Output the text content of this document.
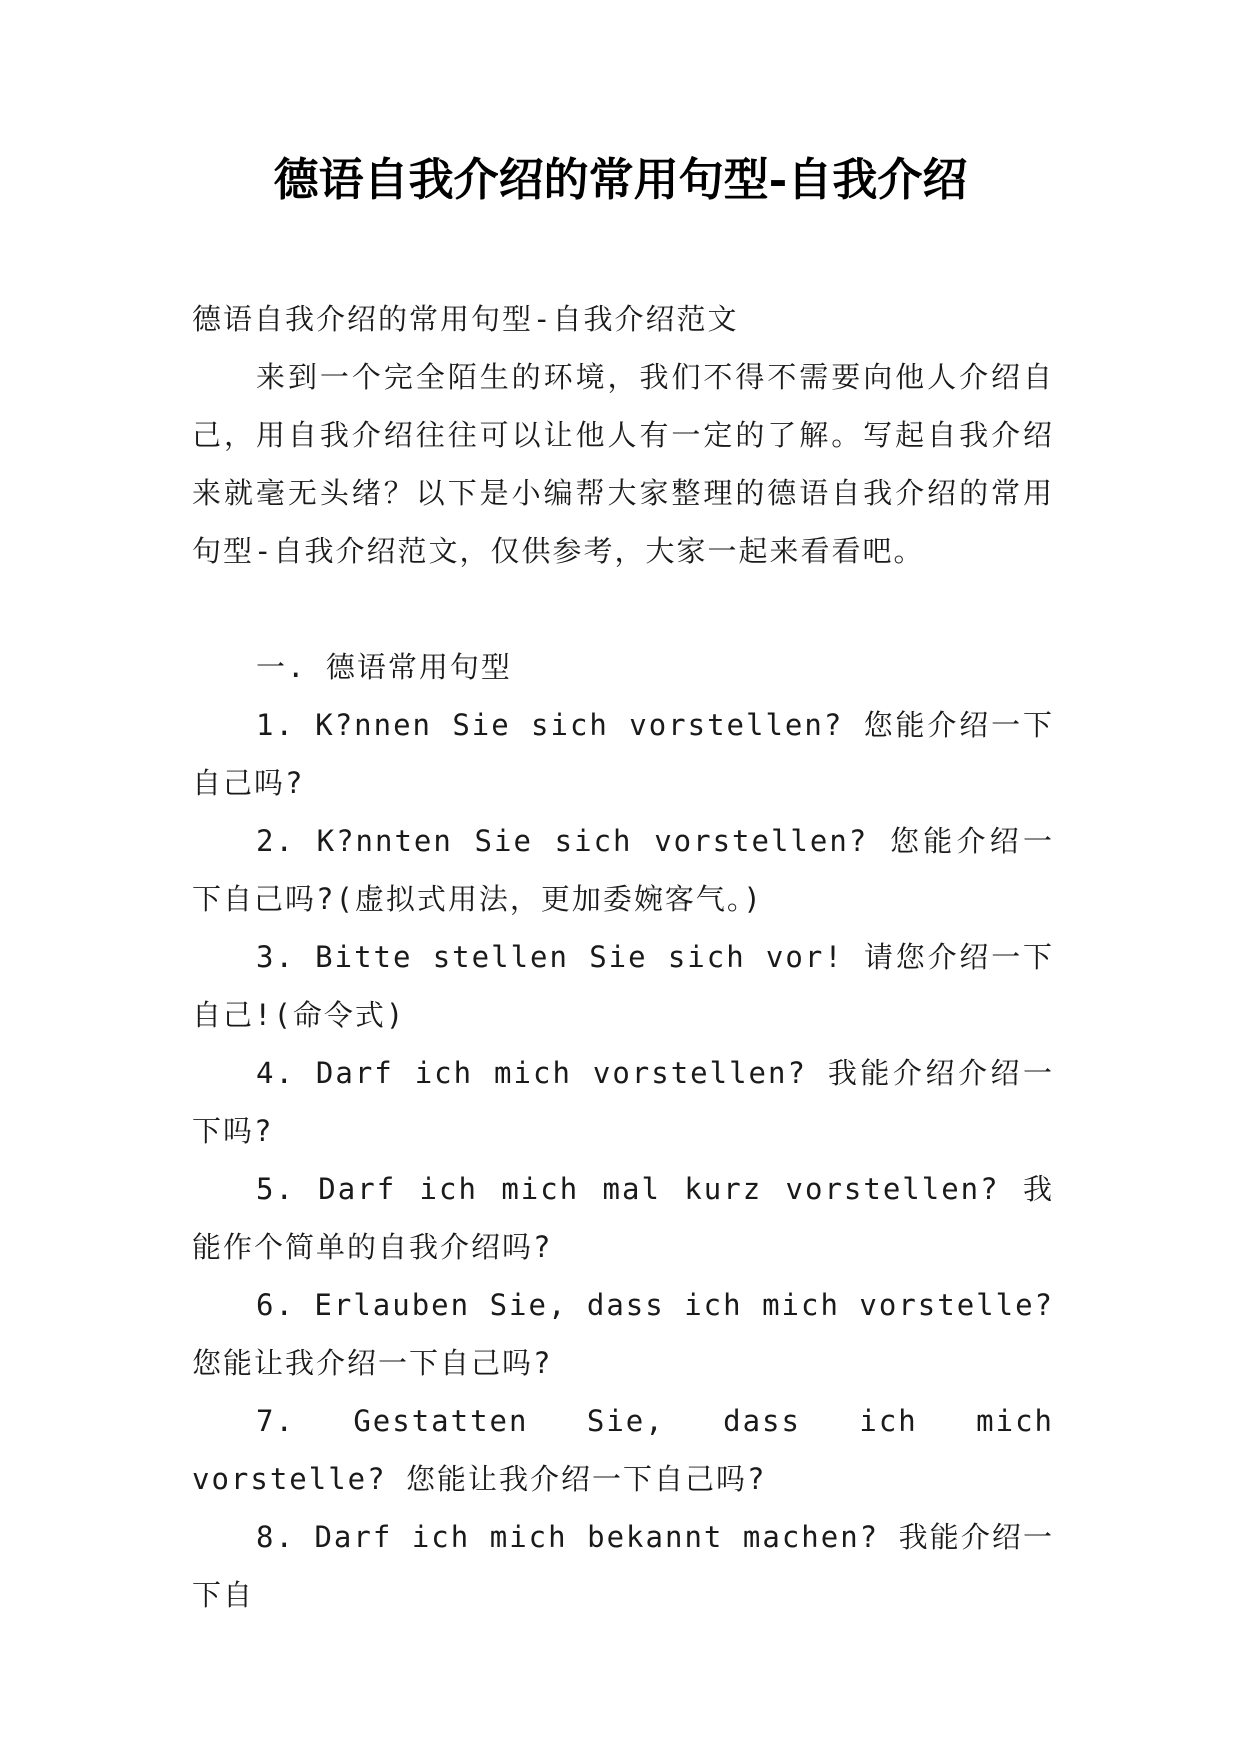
德语自我介绍的常用句型-自我介绍

德语自我介绍的常用句型-自我介绍范文

来到一个完全陌生的环境，我们不得不需要向他人介绍自己，用自我介绍往往可以让他人有一定的了解。写起自我介绍来就毫无头绪？以下是小编帮大家整理的德语自我介绍的常用句型-自我介绍范文，仅供参考，大家一起来看看吧。

一. 德语常用句型

1. K?nnen Sie sich vorstellen? 您能介绍一下自己吗?

2. K?nnten Sie sich vorstellen? 您能介绍一下自己吗?(虚拟式用法，更加委婉客气。)

3. Bitte stellen Sie sich vor! 请您介绍一下自己!(命令式)

4. Darf ich mich vorstellen? 我能介绍介绍一下吗?

5. Darf ich mich mal kurz vorstellen? 我能作个简单的自我介绍吗?

6. Erlauben Sie, dass ich mich vorstelle? 您能让我介绍一下自己吗?

7. Gestatten Sie, dass ich mich vorstelle? 您能让我介绍一下自己吗?

8. Darf ich mich bekannt machen? 我能介绍一下自
